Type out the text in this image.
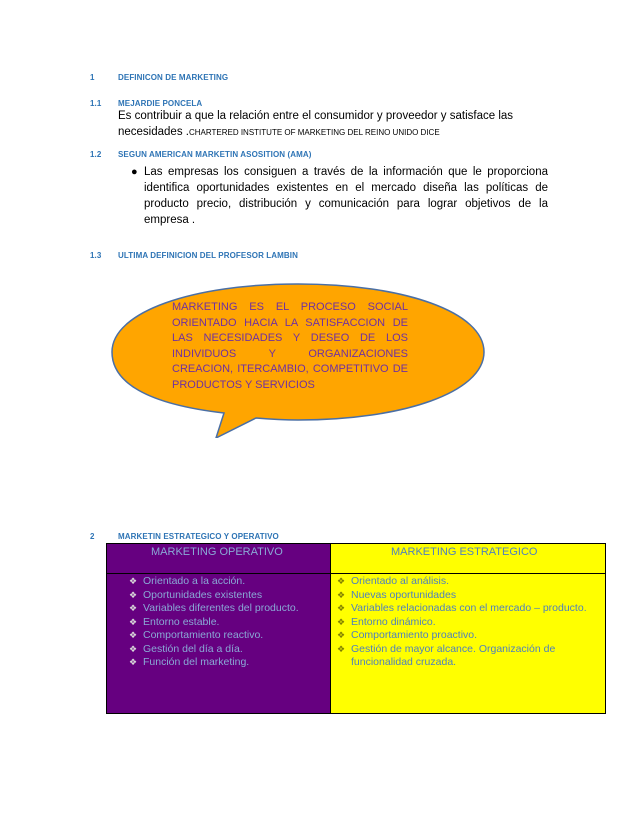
1	DEFINICON DE MARKETING
1.1 MEJARDIE PONCELA
Es contribuir a que la relación entre el consumidor y proveedor y satisface las necesidades .CHARTERED INSTITUTE OF MARKETING DEL REINO UNIDO DICE
1.2 SEGUN AMERICAN MARKETIN ASOSITION (AMA)
● Las empresas los consiguen a través de la información que le proporciona identifica oportunidades existentes en el mercado diseña las políticas de producto precio, distribución y comunicación para lograr objetivos de la empresa .
1.3 ULTIMA DEFINICION DEL PROFESOR LAMBIN
MARKETING ES EL PROCESO SOCIAL ORIENTADO HACIA LA SATISFACCION DE LAS NECESIDADES Y DESEO DE LOS INDIVIDUOS Y ORGANIZACIONES CREACION, ITERCAMBIO, COMPETITIVO DE PRODUCTOS Y SERVICIOS
2	MARKETIN ESTRATEGICO Y OPERATIVO
MARKETING OPERATIVO
❖ Orientado a la acción.
❖ Oportunidades existentes
❖ Variables diferentes del producto.
❖ Entorno estable.
❖ Comportamiento reactivo.
❖ Gestión del día a día.
❖ Función del marketing.
MARKETING ESTRATEGICO
❖ Orientado al análisis.
❖ Nuevas oportunidades
❖ Variables relacionadas con el mercado – producto.
❖ Entorno dinámico.
❖ Comportamiento proactivo.
❖ Gestión de mayor alcance. Organización de funcionalidad cruzada.
